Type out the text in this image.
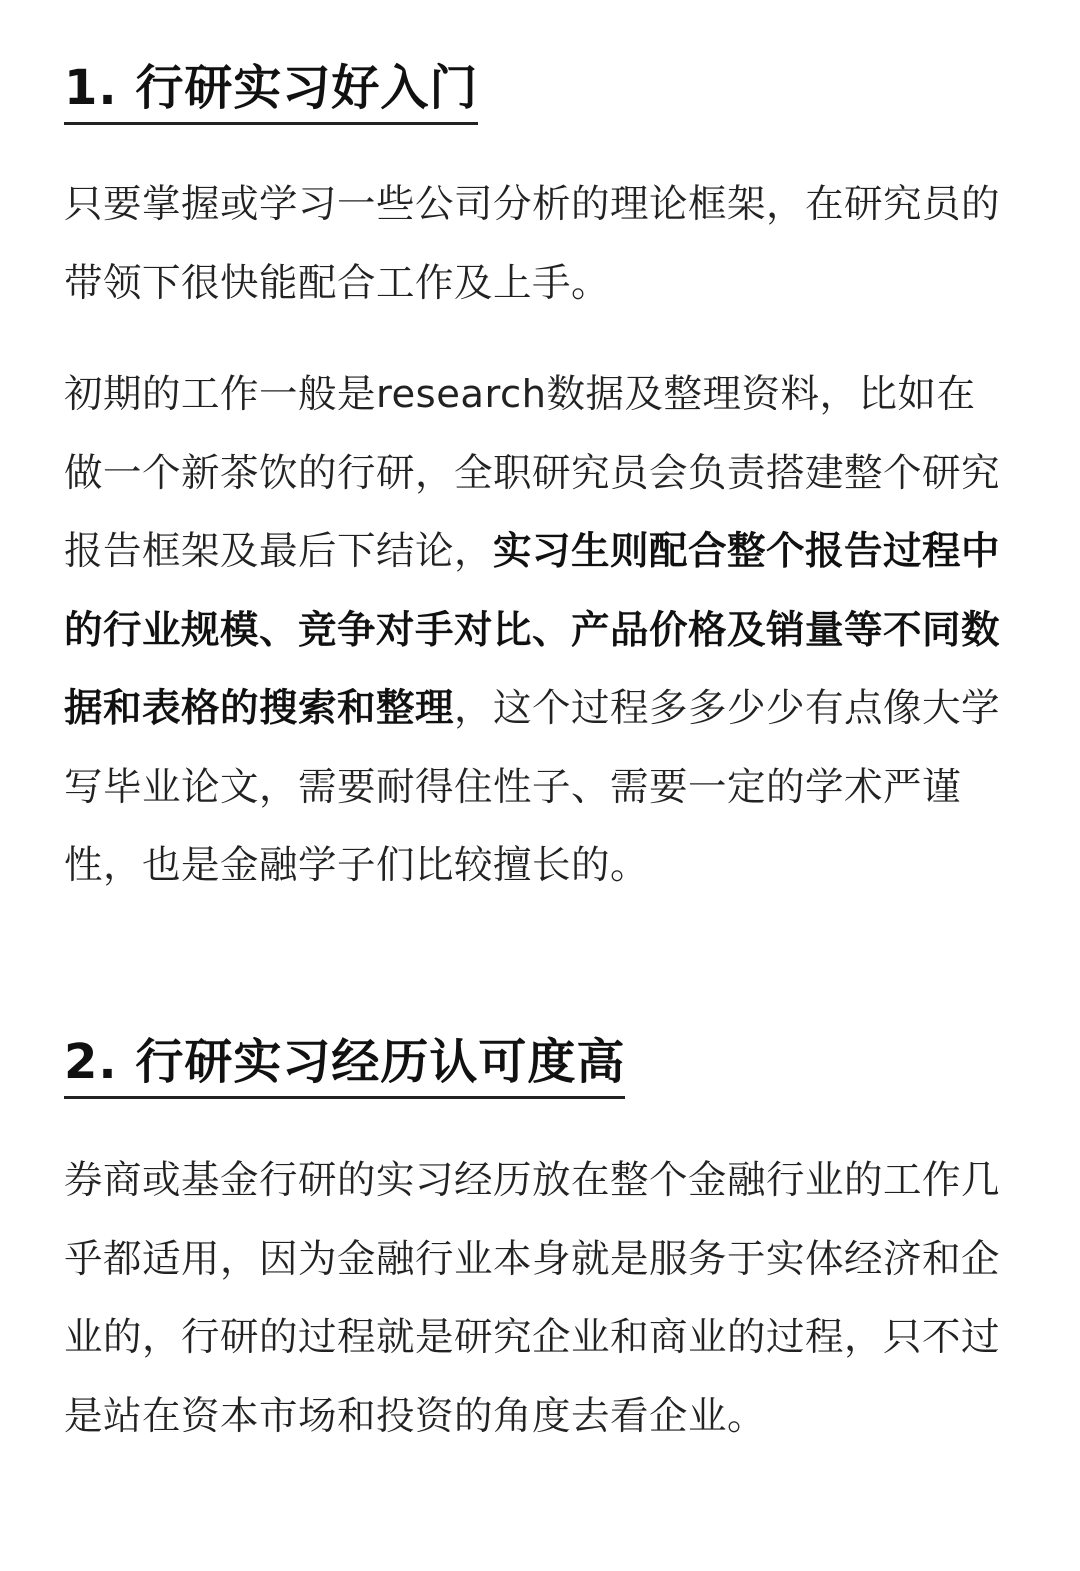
1. 行研实习好入门

只要掌握或学习一些公司分析的理论框架，在研究员的带领下很快能配合工作及上手。

初期的工作一般是research数据及整理资料，比如在做一个新茶饮的行研，全职研究员会负责搭建整个研究报告框架及最后下结论，实习生则配合整个报告过程中的行业规模、竞争对手对比、产品价格及销量等不同数据和表格的搜索和整理，这个过程多多少少有点像大学写毕业论文，需要耐得住性子、需要一定的学术严谨性，也是金融学子们比较擅长的。

2. 行研实习经历认可度高

券商或基金行研的实习经历放在整个金融行业的工作几乎都适用，因为金融行业本身就是服务于实体经济和企业的，行研的过程就是研究企业和商业的过程，只不过是站在资本市场和投资的角度去看企业。
